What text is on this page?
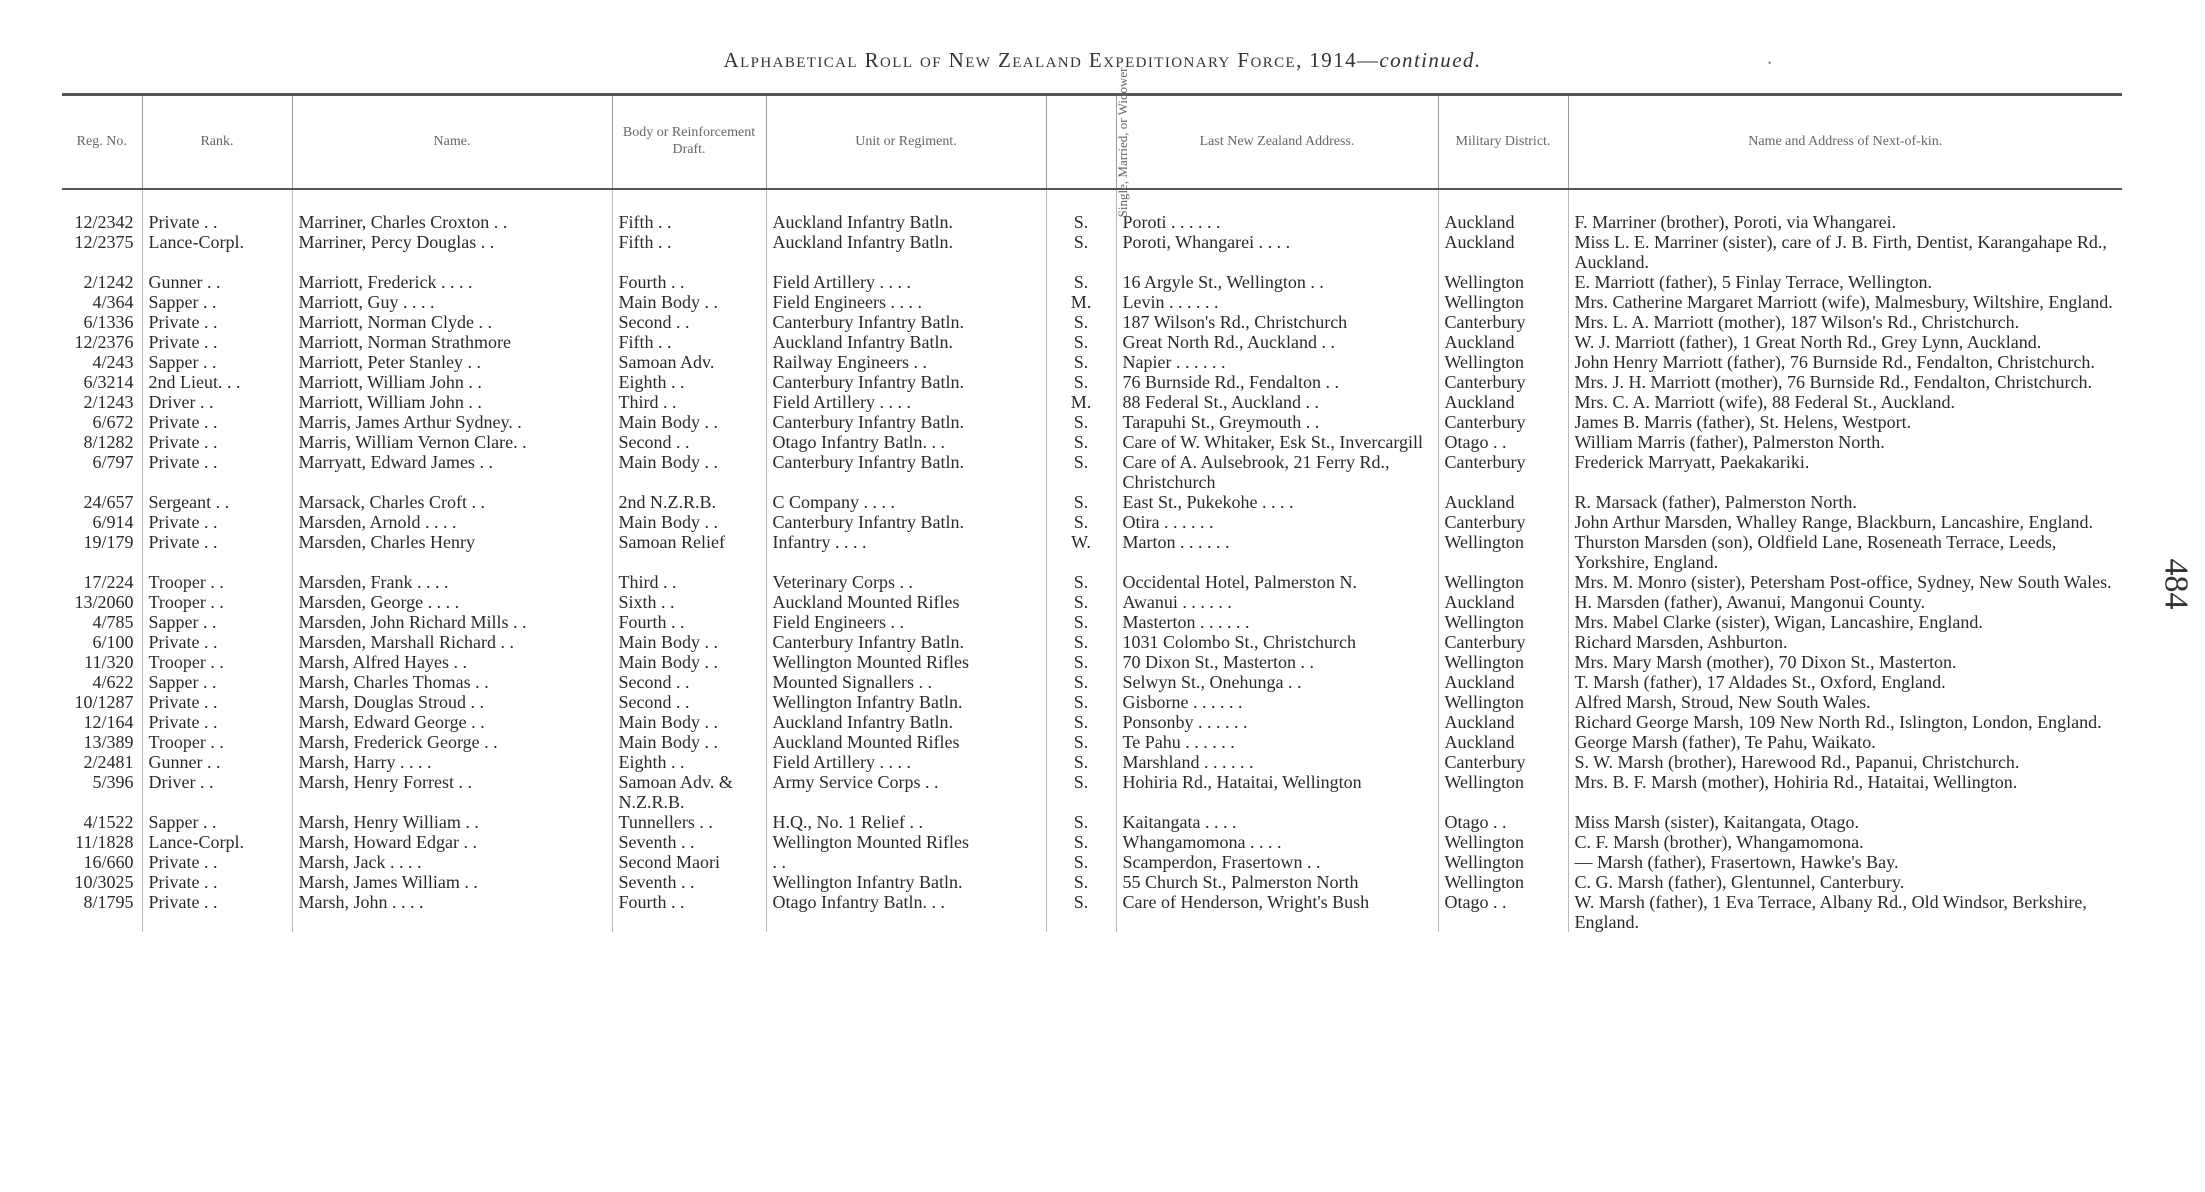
Alphabetical Roll of New Zealand Expeditionary Force, 1914—continued.	•
484
Reg. No.	Rank.	Name.	Body or Reinforcement Draft.	Unit or Regiment.	Single, Married, or Widower.	Last New Zealand Address.	Military District.	Name and Address of Next-of-kin.
12/2342	Private . .	Marriner, Charles Croxton . .	Fifth . .	Auckland Infantry Batln.	S.	Poroti . . . . . .	Auckland	F. Marriner (brother), Poroti, via Whangarei.
12/2375	Lance-Corpl.	Marriner, Percy Douglas . .	Fifth . .	Auckland Infantry Batln.	S.	Poroti, Whangarei . . . .	Auckland	Miss L. E. Marriner (sister), care of J. B. Firth, Dentist, Karangahape Rd., Auckland.
2/1242	Gunner . .	Marriott, Frederick . . . .	Fourth . .	Field Artillery . . . .	S.	16 Argyle St., Wellington . .	Wellington	E. Marriott (father), 5 Finlay Terrace, Wellington.
4/364	Sapper . .	Marriott, Guy . . . .	Main Body . .	Field Engineers . . . .	M.	Levin . . . . . .	Wellington	Mrs. Catherine Margaret Marriott (wife), Malmesbury, Wiltshire, England.
6/1336	Private . .	Marriott, Norman Clyde . .	Second . .	Canterbury Infantry Batln.	S.	187 Wilson's Rd., Christchurch	Canterbury	Mrs. L. A. Marriott (mother), 187 Wilson's Rd., Christchurch.
12/2376	Private . .	Marriott, Norman Strathmore	Fifth . .	Auckland Infantry Batln.	S.	Great North Rd., Auckland . .	Auckland	W. J. Marriott (father), 1 Great North Rd., Grey Lynn, Auckland.
4/243	Sapper . .	Marriott, Peter Stanley . .	Samoan Adv.	Railway Engineers . .	S.	Napier . . . . . .	Wellington	John Henry Marriott (father), 76 Burnside Rd., Fendalton, Christchurch.
6/3214	2nd Lieut. . .	Marriott, William John . .	Eighth . .	Canterbury Infantry Batln.	S.	76 Burnside Rd., Fendalton . .	Canterbury	Mrs. J. H. Marriott (mother), 76 Burnside Rd., Fendalton, Christchurch.
2/1243	Driver . .	Marriott, William John . .	Third . .	Field Artillery . . . .	M.	88 Federal St., Auckland . .	Auckland	Mrs. C. A. Marriott (wife), 88 Federal St., Auckland.
6/672	Private . .	Marris, James Arthur Sydney. .	Main Body . .	Canterbury Infantry Batln.	S.	Tarapuhi St., Greymouth . .	Canterbury	James B. Marris (father), St. Helens, Westport.
8/1282	Private . .	Marris, William Vernon Clare. .	Second . .	Otago Infantry Batln. . .	S.	Care of W. Whitaker, Esk St., Invercargill	Otago . .	William Marris (father), Palmerston North.
6/797	Private . .	Marryatt, Edward James . .	Main Body . .	Canterbury Infantry Batln.	S.	Care of A. Aulsebrook, 21 Ferry Rd., Christchurch	Canterbury	Frederick Marryatt, Paekakariki.
24/657	Sergeant . .	Marsack, Charles Croft . .	2nd N.Z.R.B.	C Company . . . .	S.	East St., Pukekohe . . . .	Auckland	R. Marsack (father), Palmerston North.
6/914	Private . .	Marsden, Arnold . . . .	Main Body . .	Canterbury Infantry Batln.	S.	Otira . . . . . .	Canterbury	John Arthur Marsden, Whalley Range, Blackburn, Lancashire, England.
19/179	Private . .	Marsden, Charles Henry	Samoan Relief	Infantry . . . .	W.	Marton . . . . . .	Wellington	Thurston Marsden (son), Oldfield Lane, Roseneath Terrace, Leeds, Yorkshire, England.
17/224	Trooper . .	Marsden, Frank . . . .	Third . .	Veterinary Corps . .	S.	Occidental Hotel, Palmerston N.	Wellington	Mrs. M. Monro (sister), Petersham Post-office, Sydney, New South Wales.
13/2060	Trooper . .	Marsden, George . . . .	Sixth . .	Auckland Mounted Rifles	S.	Awanui . . . . . .	Auckland	H. Marsden (father), Awanui, Mangonui County.
4/785	Sapper . .	Marsden, John Richard Mills . .	Fourth . .	Field Engineers . .	S.	Masterton . . . . . .	Wellington	Mrs. Mabel Clarke (sister), Wigan, Lancashire, England.
6/100	Private . .	Marsden, Marshall Richard . .	Main Body . .	Canterbury Infantry Batln.	S.	1031 Colombo St., Christchurch	Canterbury	Richard Marsden, Ashburton.
11/320	Trooper . .	Marsh, Alfred Hayes . .	Main Body . .	Wellington Mounted Rifles	S.	70 Dixon St., Masterton . .	Wellington	Mrs. Mary Marsh (mother), 70 Dixon St., Masterton.
4/622	Sapper . .	Marsh, Charles Thomas . .	Second . .	Mounted Signallers . .	S.	Selwyn St., Onehunga . .	Auckland	T. Marsh (father), 17 Aldades St., Oxford, England.
10/1287	Private . .	Marsh, Douglas Stroud . .	Second . .	Wellington Infantry Batln.	S.	Gisborne . . . . . .	Wellington	Alfred Marsh, Stroud, New South Wales.
12/164	Private . .	Marsh, Edward George . .	Main Body . .	Auckland Infantry Batln.	S.	Ponsonby . . . . . .	Auckland	Richard George Marsh, 109 New North Rd., Islington, London, England.
13/389	Trooper . .	Marsh, Frederick George . .	Main Body . .	Auckland Mounted Rifles	S.	Te Pahu . . . . . .	Auckland	George Marsh (father), Te Pahu, Waikato.
2/2481	Gunner . .	Marsh, Harry . . . .	Eighth . .	Field Artillery . . . .	S.	Marshland . . . . . .	Canterbury	S. W. Marsh (brother), Harewood Rd., Papanui, Christchurch.
5/396	Driver . .	Marsh, Henry Forrest . .	Samoan Adv. & N.Z.R.B.	Army Service Corps . .	S.	Hohiria Rd., Hataitai, Wellington	Wellington	Mrs. B. F. Marsh (mother), Hohiria Rd., Hataitai, Wellington.
4/1522	Sapper . .	Marsh, Henry William . .	Tunnellers . .	H.Q., No. 1 Relief . .	S.	Kaitangata . . . .	Otago . .	Miss Marsh (sister), Kaitangata, Otago.
11/1828	Lance-Corpl.	Marsh, Howard Edgar . .	Seventh . .	Wellington Mounted Rifles	S.	Whangamomona . . . .	Wellington	C. F. Marsh (brother), Whangamomona.
16/660	Private . .	Marsh, Jack . . . .	Second Maori	. .	S.	Scamperdon, Frasertown . .	Wellington	— Marsh (father), Frasertown, Hawke's Bay.
10/3025	Private . .	Marsh, James William . .	Seventh . .	Wellington Infantry Batln.	S.	55 Church St., Palmerston North	Wellington	C. G. Marsh (father), Glentunnel, Canterbury.
8/1795	Private . .	Marsh, John . . . .	Fourth . .	Otago Infantry Batln. . .	S.	Care of Henderson, Wright's Bush	Otago . .	W. Marsh (father), 1 Eva Terrace, Albany Rd., Old Windsor, Berkshire, England.
